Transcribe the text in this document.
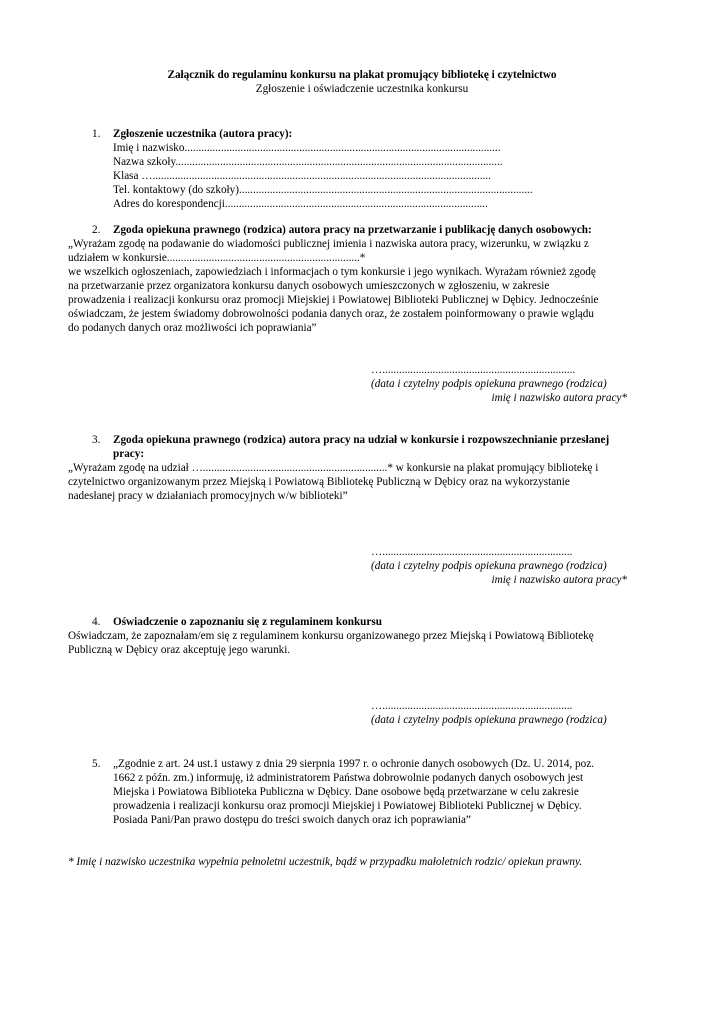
Załącznik do regulaminu konkursu na plakat promujący bibliotekę i czytelnictwo
Zgłoszenie i oświadczenie uczestnika konkursu
1. Zgłoszenie uczestnika (autora pracy):
Imię i nazwisko.................................................................................................................
Nazwa szkoły.....................................................................................................................
Klasa ….........................................................................................................................
Tel. kontaktowy (do szkoły).........................................................................................................
Adres do korespondencji..............................................................................................
2. Zgoda opiekuna prawnego (rodzica) autora pracy na przetwarzanie i publikację danych osobowych:
„Wyrażam zgodę na podawanie do wiadomości publicznej imienia i nazwiska autora pracy, wizerunku, w związku z
udziałem w konkursie.....................................................................*
we wszelkich ogłoszeniach, zapowiedziach i informacjach o tym konkursie i jego wynikach. Wyrażam również zgodę
na przetwarzanie przez organizatora konkursu danych osobowych umieszczonych w zgłoszeniu, w zakresie
prowadzenia i realizacji konkursu oraz promocji Miejskiej i Powiatowej Biblioteki Publicznej w Dębicy. Jednocześnie
oświadczam, że jestem świadomy dobrowolności podania danych oraz, że zostałem poinformowany o prawie wglądu
do podanych danych oraz możliwości ich poprawiania”
….....................................................................
(data i czytelny podpis opiekuna prawnego (rodzica)
imię i nazwisko autora pracy*
3. Zgoda opiekuna prawnego (rodzica) autora pracy na udział w konkursie i rozpowszechnianie przesłanej
pracy:
„Wyrażam zgodę na udział …..................................................................* w konkursie na plakat promujący bibliotekę i
czytelnictwo organizowanym przez Miejską i Powiatową Bibliotekę Publiczną w Dębicy oraz na wykorzystanie
nadesłanej pracy w działaniach promocyjnych w/w biblioteki”
…....................................................................
(data i czytelny podpis opiekuna prawnego (rodzica)
imię i nazwisko autora pracy*
4. Oświadczenie o zapoznaniu się z regulaminem konkursu
Oświadczam, że zapoznałam/em się z regulaminem konkursu organizowanego przez Miejską i Powiatową Bibliotekę
Publiczną w Dębicy oraz akceptuję jego warunki.
…....................................................................
(data i czytelny podpis opiekuna prawnego (rodzica)
5. „Zgodnie z art. 24 ust.1 ustawy z dnia 29 sierpnia 1997 r. o ochronie danych osobowych (Dz. U. 2014, poz.
1662 z późn. zm.) informuję, iż administratorem Państwa dobrowolnie podanych danych osobowych jest
Miejska i Powiatowa Biblioteka Publiczna w Dębicy. Dane osobowe będą przetwarzane w celu zakresie
prowadzenia i realizacji konkursu oraz promocji Miejskiej i Powiatowej Biblioteki Publicznej w Dębicy.
Posiada Pani/Pan prawo dostępu do treści swoich danych oraz ich poprawiania”
* Imię i nazwisko uczestnika wypełnia pełnoletni uczestnik, bądź w przypadku małoletnich rodzic/ opiekun prawny.
